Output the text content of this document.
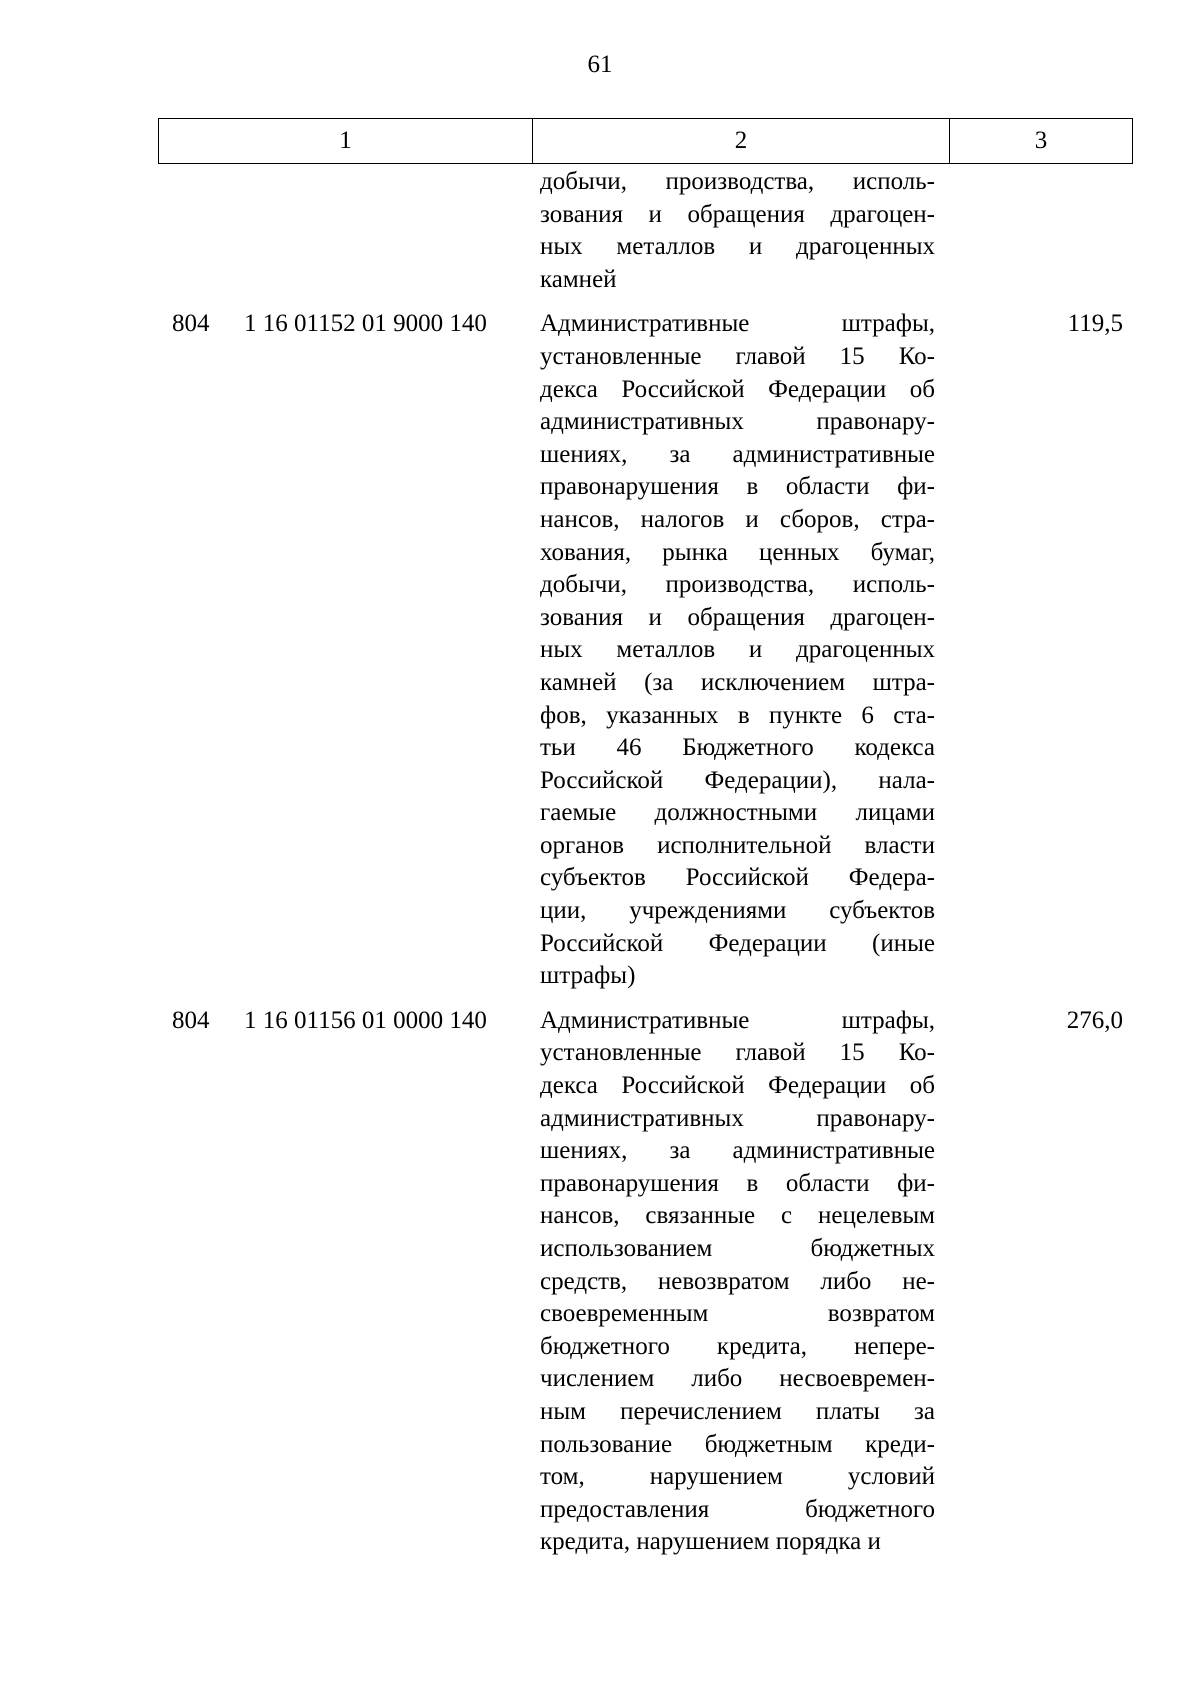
61
1	2	3
добычи, производства, исполь-
зования и обращения драгоцен-
ных металлов и драгоценных
камней
804 1 16 01152 01 9000 140 Административные штрафы,
установленные главой 15 Ко-
декса Российской Федерации об
административных правонару-
шениях, за административные
правонарушения в области фи-
нансов, налогов и сборов, стра-
хования, рынка ценных бумаг,
добычи, производства, исполь-
зования и обращения драгоцен-
ных металлов и драгоценных
камней (за исключением штра-
фов, указанных в пункте 6 ста-
тьи 46 Бюджетного кодекса
Российской Федерации), нала-
гаемые должностными лицами
органов исполнительной власти
субъектов Российской Федера-
ции, учреждениями субъектов
Российской Федерации (иные
штрафы)
119,5
804 1 16 01156 01 0000 140 Административные штрафы,
установленные главой 15 Ко-
декса Российской Федерации об
административных правонару-
шениях, за административные
правонарушения в области фи-
нансов, связанные с нецелевым
использованием бюджетных
средств, невозвратом либо не-
своевременным возвратом
бюджетного кредита, непере-
числением либо несвоевремен-
ным перечислением платы за
пользование бюджетным креди-
том, нарушением условий
предоставления бюджетного
кредита, нарушением порядка и
276,0
